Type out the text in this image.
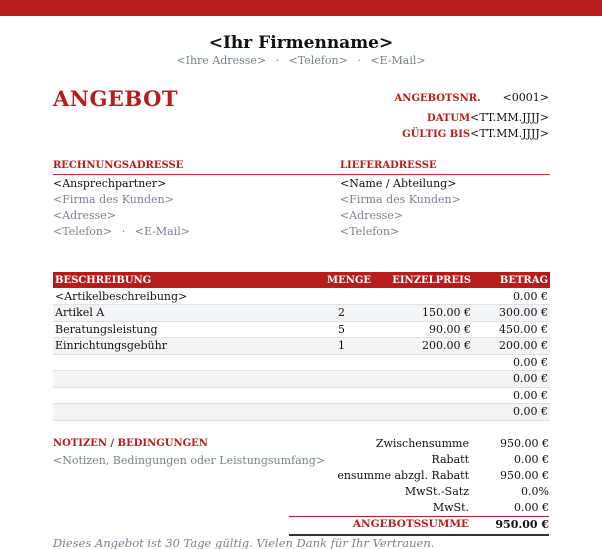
<Ihr Firmenname>
<Ihre Adresse> · <Telefon> · <E-Mail>
ANGEBOT	ANGEBOTSNR. <0001>
DATUM<TT.MM.JJJJ>
GÜLTIG BIS<TT.MM.JJJJ>
RECHNUNGSADRESSE	LIEFERADRESSE
<Ansprechpartner>
<Firma des Kunden>
<Adresse>
<Telefon> · <E-Mail>
<Name / Abteilung>
<Firma des Kunden>
<Adresse>
<Telefon>
BESCHREIBUNG	MENGE	EINZELPREIS	BETRAG
<Artikelbeschreibung>			0.00 €
Artikel A	2	150.00 €	300.00 €
Beratungsleistung	5	90.00 €	450.00 €
Einrichtungsgebühr	1	200.00 €	200.00 €
			0.00 €
			0.00 €
			0.00 €
			0.00 €
NOTIZEN / BEDINGUNGEN
<Notizen, Bedingungen oder Leistungsumfang>
Zwischensumme	950.00 €
Rabatt	0.00 €
ensumme abzgl. Rabatt	950.00 €
MwSt.-Satz	0.0%
MwSt.	0.00 €
ANGEBOTSSUMME 950.00 €
Dieses Angebot ist 30 Tage gültig. Vielen Dank für Ihr Vertrauen.
